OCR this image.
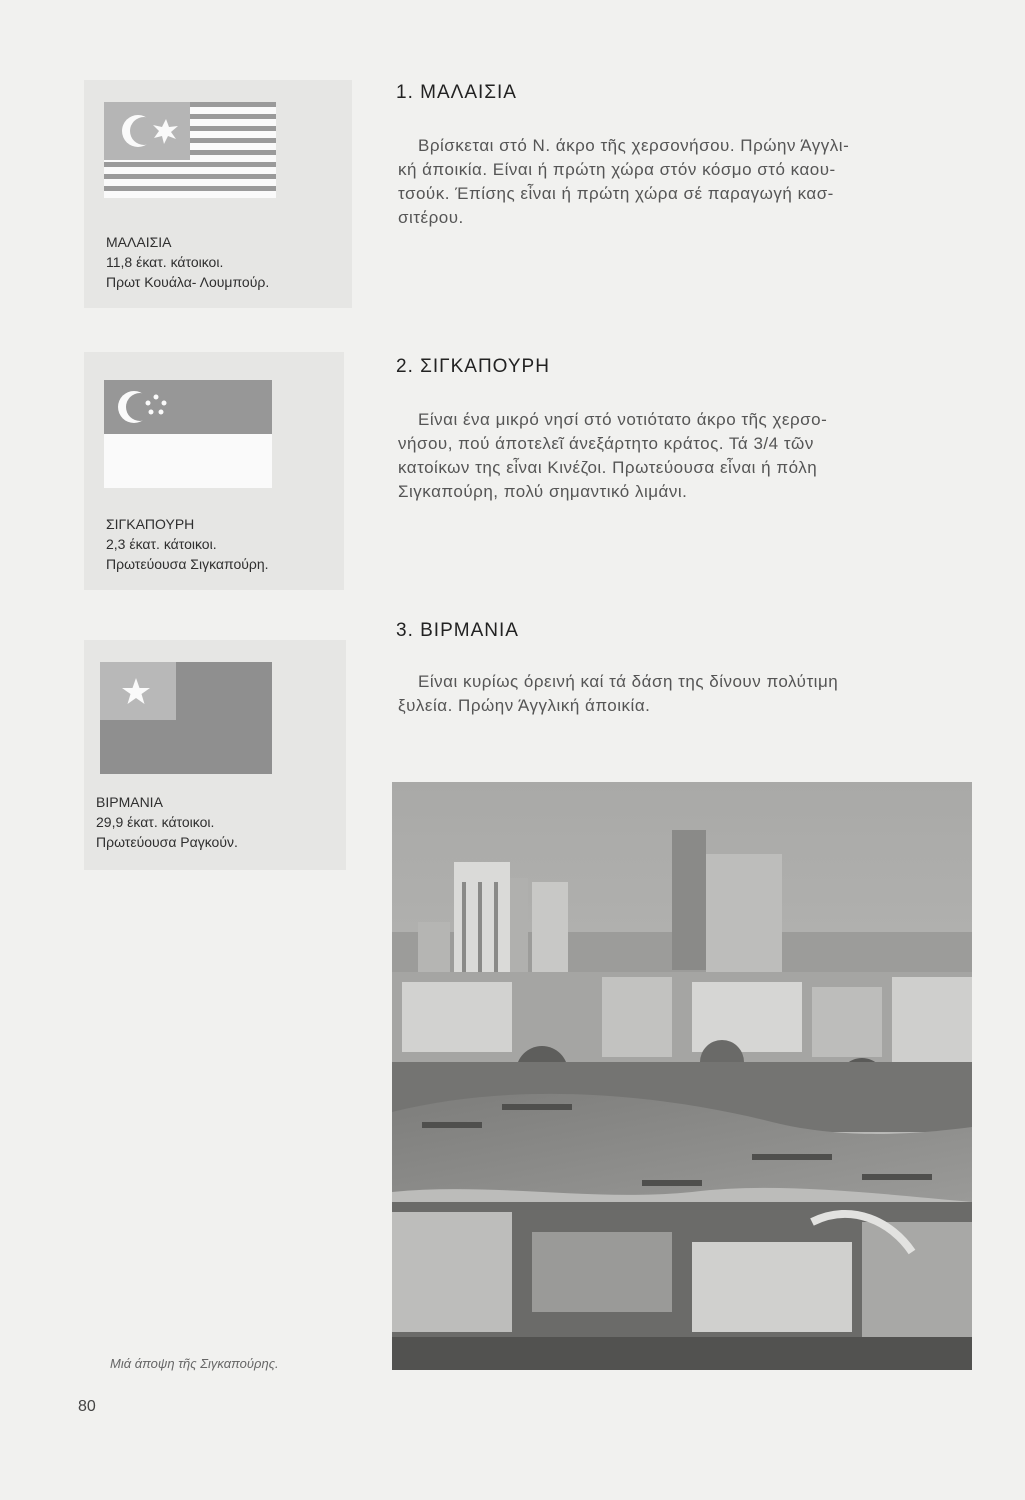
ΜΑΛΑΙΣΙΑ
11,8 έκατ. κάτοικοι.
Πρωτ Κουάλα- Λουμπούρ.
ΣΙΓΚΑΠΟΥΡΗ
2,3 έκατ. κάτοικοι.
Πρωτεύουσα Σιγκαπούρη.
ΒΙΡΜΑΝΙΑ
29,9 έκατ. κάτοικοι.
Πρωτεύουσα Ραγκούν.
1. ΜΑΛΑΙΣΙΑ
Βρίσκεται στό Ν. άκρο τῆς χερσονήσου. Πρώην Άγγλι-
κή άποικία. Είναι ή πρώτη χώρα στόν κόσμο στό καου-
τσούκ. Έπίσης εἶναι ή πρώτη χώρα σέ παραγωγή κασ-
σιτέρου.
2. ΣΙΓΚΑΠΟΥΡΗ
Είναι ένα μικρό νησί στό νοτιότατο άκρο τῆς χερσο-
νήσου, πού άποτελεῖ άνεξάρτητο κράτος. Τά 3/4 τῶν
κατοίκων της εἶναι Κινέζοι. Πρωτεύουσα εἶναι ή πόλη
Σιγκαπούρη, πολύ σημαντικό λιμάνι.
3. ΒΙΡΜΑΝΙΑ
Είναι κυρίως όρεινή καί τά δάση της δίνουν πολύτιμη
ξυλεία. Πρώην Άγγλική άποικία.
Μιά άποψη τῆς Σιγκαπούρης.
80
